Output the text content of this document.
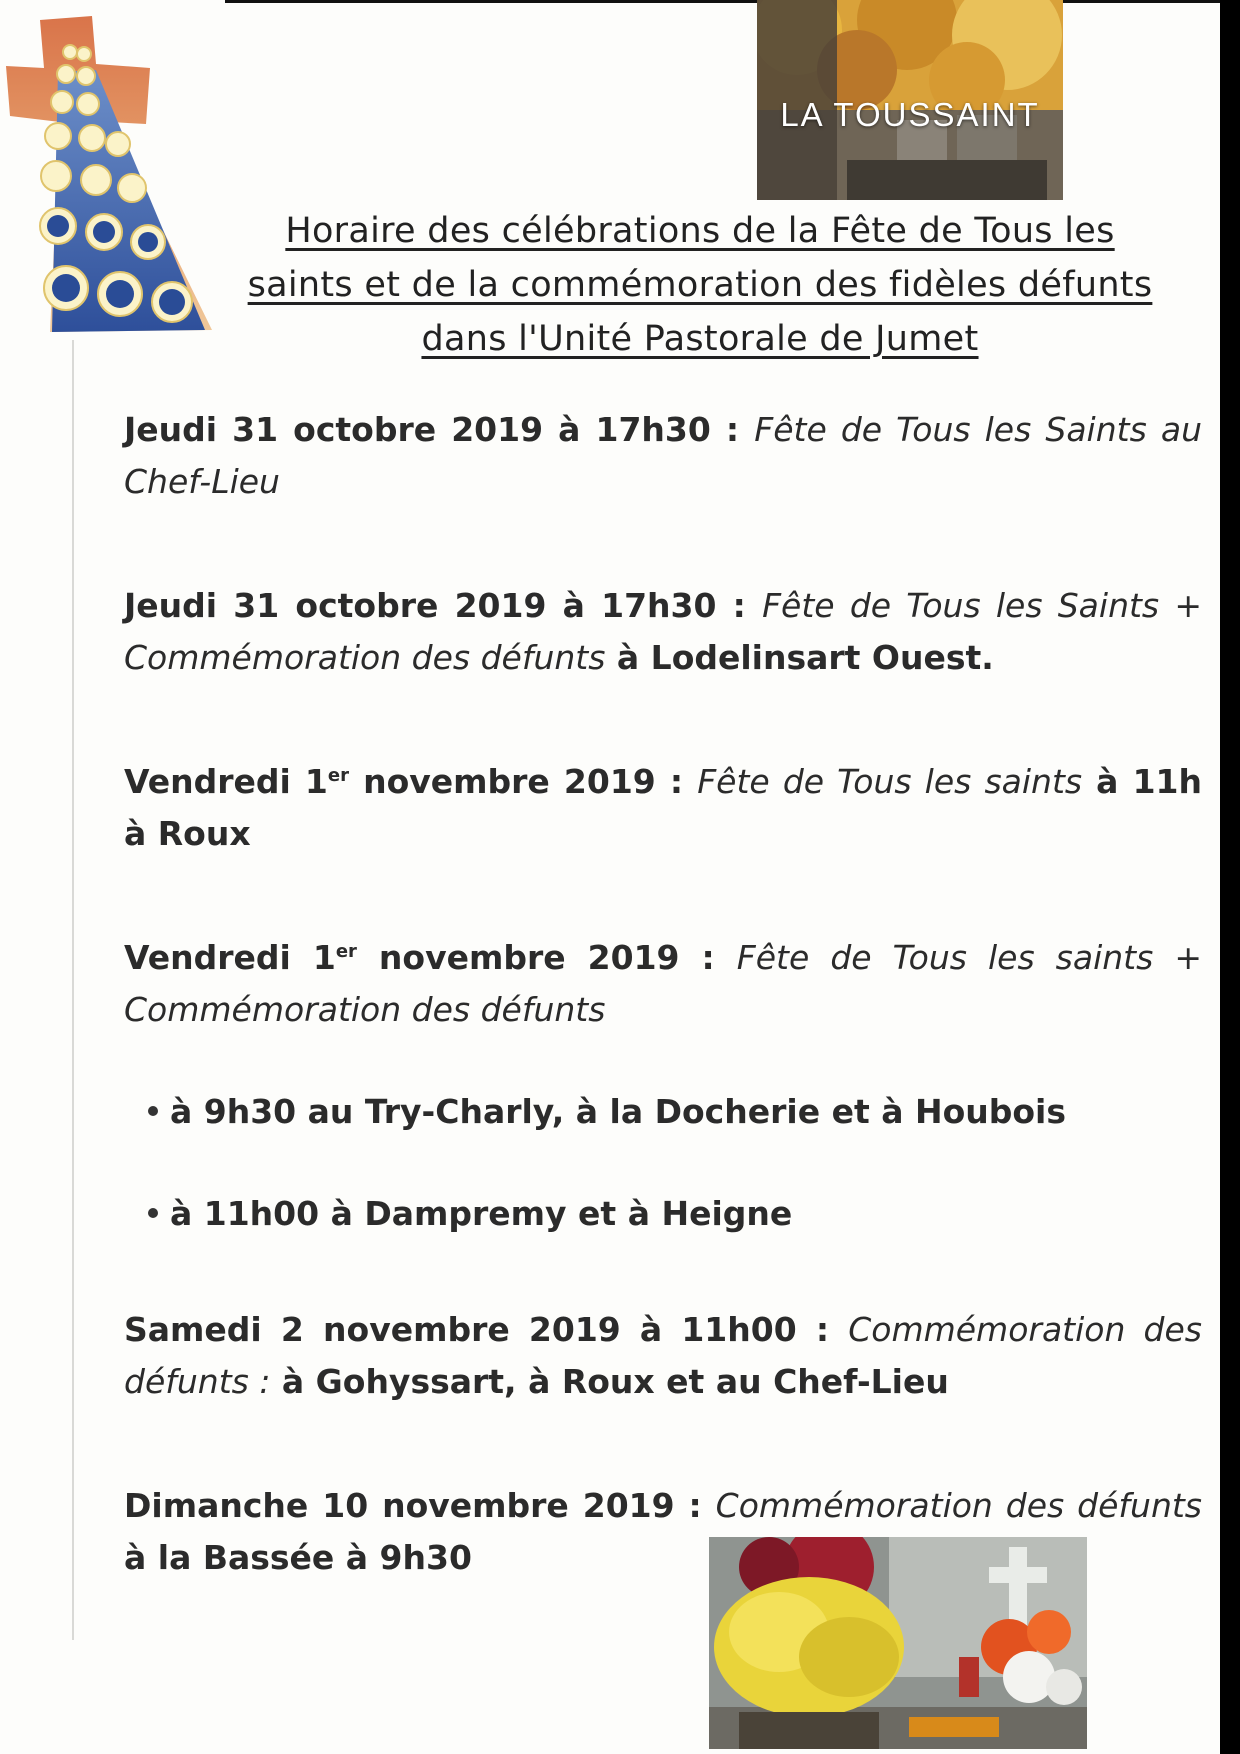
LA TOUSSAINT
Horaire des célébrations de la Fête de Tous les
saints et de la commémoration des fidèles défunts
dans l'Unité Pastorale de Jumet
Jeudi 31 octobre 2019 à 17h30 : Fête de Tous les Saints au Chef-Lieu
Jeudi 31 octobre 2019 à 17h30 : Fête de Tous les Saints + Commémoration des défunts à Lodelinsart Ouest.
Vendredi 1er novembre 2019 : Fête de Tous les saints à 11h à Roux
Vendredi 1er novembre 2019 : Fête de Tous les saints + Commémoration des défunts
à 9h30 au Try-Charly, à la Docherie et à Houbois
à 11h00 à Dampremy et à Heigne
Samedi 2 novembre 2019 à 11h00 : Commémoration des défunts : à Gohyssart, à Roux et au Chef-Lieu
Dimanche 10 novembre 2019 : Commémoration des défunts à la Bassée à 9h30
